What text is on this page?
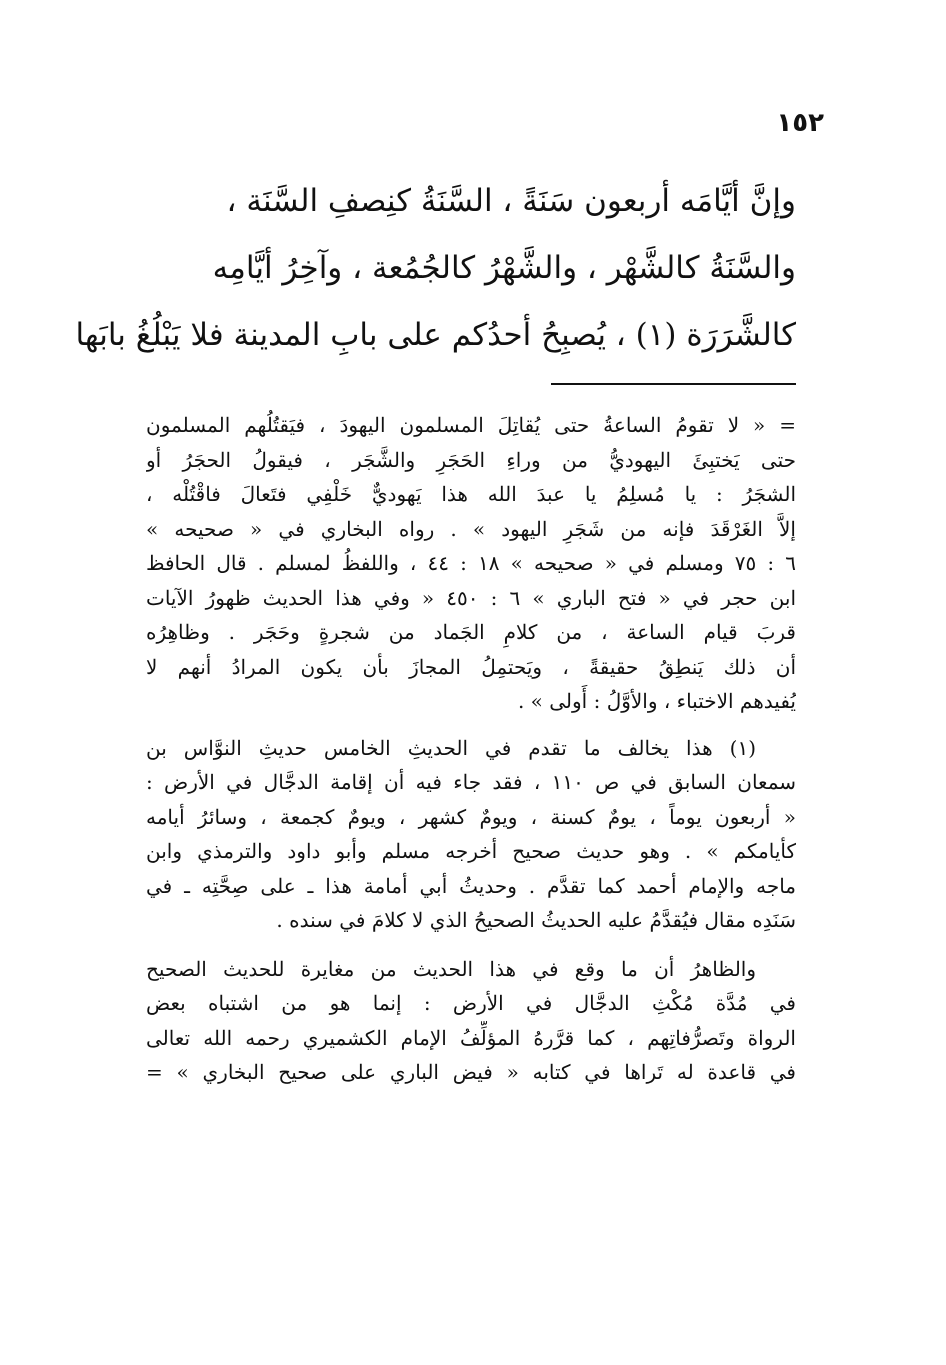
١٥٢

وإنَّ أيَّامَه أربعون سَنَةً ، السَّنَةُ كنِصفِ السَّنَة ،
والسَّنَةُ كالشَّهْر ، والشَّهْرُ كالجُمُعة ، وآخِرُ أيَّامِه
كالشَّرَرَة (١) ، يُصبِحُ أحدُكم على بابِ المدينة فلا يَبْلُغُ بابَها

= « لا تقومُ الساعةُ حتى يُقاتِلَ المسلمون اليهودَ ، فيَقتُلُهم المسلمون
حتى يَختبِئَ اليهوديُّ من وراءِ الحَجَرِ والشَّجَر ، فيقولُ الحجَرُ أو
الشجَرُ : يا مُسلِمُ يا عبدَ الله هذا يَهوديٌّ خَلْفِي فتَعالَ فاقْتُلْه ،
إلاَّ الغَرْقَدَ فإنه من شَجَرِ اليهود » . رواه البخاري في « صحيحه »
٦ : ٧٥ ومسلم في « صحيحه » ١٨ : ٤٤ ، واللفظُ لمسلم . قال الحافظ
ابن حجر في « فتح الباري » ٦ : ٤٥٠ « وفي هذا الحديث ظهورُ الآيات
قربَ قيام الساعة ، من كلامِ الجَماد من شجرةٍ وحَجَر . وظاهِرُه
أن ذلك يَنطِقُ حقيقةً ، ويَحتمِلُ المجازَ بأن يكون المرادُ أنهم لا
يُفيدهم الاختباء ، والأوَّلُ : أَولى » .
(١) هذا يخالف ما تقدم في الحديثِ الخامس حديثِ النوَّاس بن
سمعان السابق في ص ١١٠ ، فقد جاء فيه أن إقامة الدجَّال في الأرض :
« أربعون يوماً ، يومٌ كسنة ، ويومٌ كشهر ، ويومٌ كجمعة ، وسائرُ أيامه
كأيامكم » . وهو حديث صحيح أخرجه مسلم وأبو داود والترمذي وابن
ماجه والإمام أحمد كما تقدَّم . وحديثُ أبي أمامة هذا ـ على صِحَّتِه ـ في
سَنَدِه مقال فيُقدَّمُ عليه الحديثُ الصحيحُ الذي لا كلامَ في سنده .
والظاهرُ أن ما وقع في هذا الحديث من مغايرة للحديث الصحيح
في مُدَّة مُكْثِ الدجَّال في الأرض : إنما هو من اشتباه بعض
الرواة وتَصرُّفاتِهم ، كما قرَّرهُ المؤلِّفُ الإمام الكشميري رحمه الله تعالى
في قاعدة له تَراها في كتابه « فيض الباري على صحيح البخاري » =
